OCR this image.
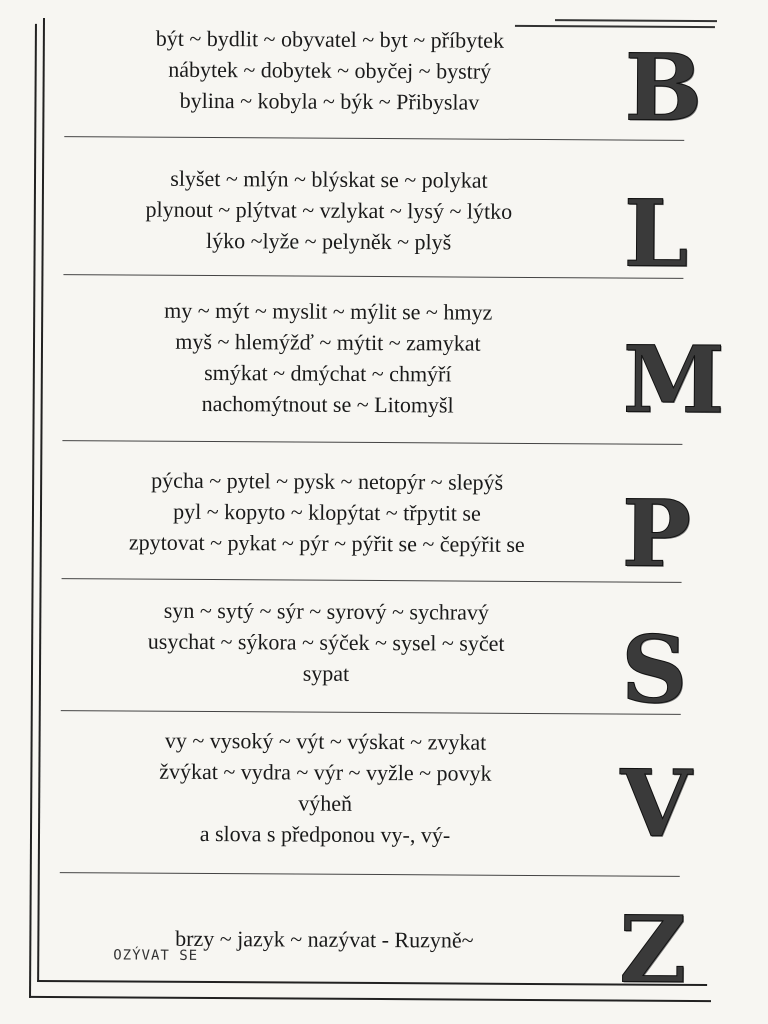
být ~ bydlit ~ obyvatel ~ byt ~ příbytek
nábytek ~ dobytek ~ obyčej ~ bystrý
bylina ~ kobyla ~ býk ~ Přibyslav	B
slyšet ~ mlýn ~ blýskat se ~ polykat
plynout ~ plýtvat ~ vzlykat ~ lysý ~ lýtko
lýko ~lyže ~ pelyněk ~ plyš	L
my ~ mýt ~ myslit ~ mýlit se ~ hmyz
myš ~ hlemýžď ~ mýtit ~ zamykat
smýkat ~ dmýchat ~ chmýří
nachomýtnout se ~ Litomyšl	M
pýcha ~ pytel ~ pysk ~ netopýr ~ slepýš
pyl ~ kopyto ~ klopýtat ~ třpytit se
zpytovat ~ pykat ~ pýr ~ pýřit se ~ čepýřit se	P
syn ~ sytý ~ sýr ~ syrový ~ sychravý
usychat ~ sýkora ~ sýček ~ sysel ~ syčet
sypat	S
vy ~ vysoký ~ výt ~ výskat ~ zvykat
žvýkat ~ vydra ~ výr ~ vyžle ~ povyk
výheň
a slova s předponou vy-, vý-	V
brzy ~ jazyk ~ nazývat - Ruzyně~	Z
OZÝVAT SE
